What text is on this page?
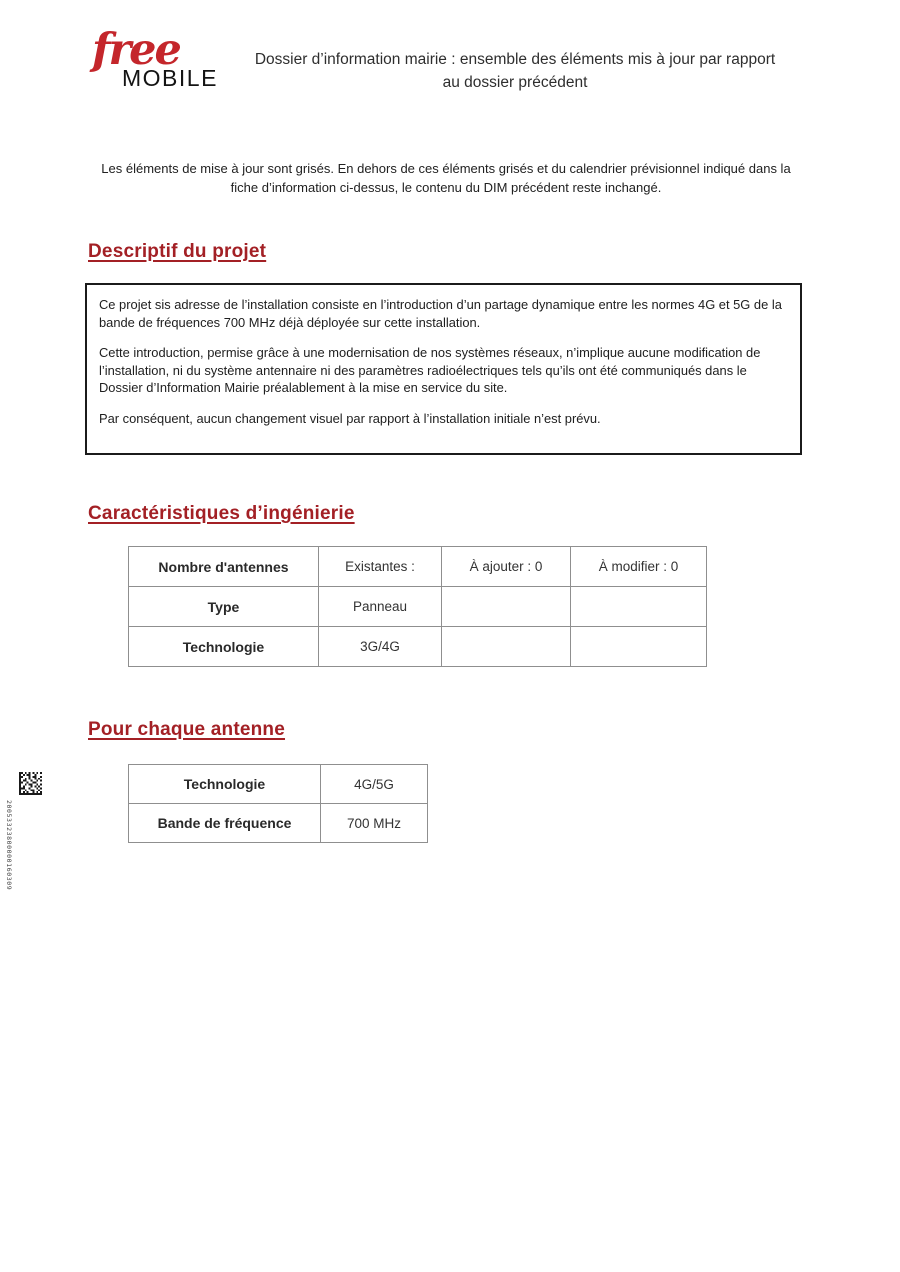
free
MOBILE
Dossier d’information mairie : ensemble des éléments mis à jour par rapport au dossier précédent
Les éléments de mise à jour sont grisés. En dehors de ces éléments grisés et du calendrier prévisionnel indiqué dans la fiche d’information ci-dessus, le contenu du DIM précédent reste inchangé.
Descriptif du projet

Ce projet sis adresse de l’installation consiste en l’introduction d’un partage dynamique entre les normes 4G et 5G de la bande de fréquences 700 MHz déjà déployée sur cette installation.

Cette introduction, permise grâce à une modernisation de nos systèmes réseaux, n’implique aucune modification de l’installation, ni du système antennaire ni des paramètres radioélectriques tels qu’ils ont été communiqués dans le Dossier d’Information Mairie préalablement à la mise en service du site.

Par conséquent, aucun changement visuel par rapport à l’installation initiale n’est prévu.

Caractéristiques d’ingénierie
Nombre d'antennes	Existantes :	À ajouter : 0	À modifier : 0
Type	Panneau		
Technologie	3G/4G		
Pour chaque antenne
Technologie	4G/5G
Bande de fréquence	700 MHz
20053323800000160309
